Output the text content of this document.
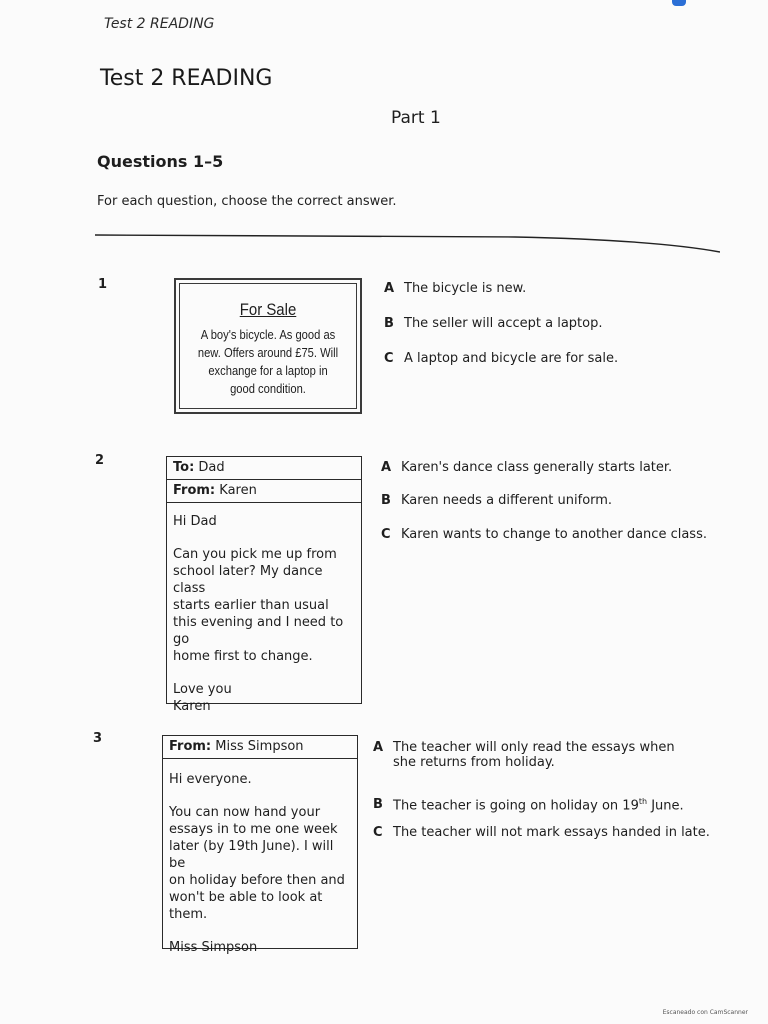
Test 2 READING
Test 2 READING
Part 1
Questions 1–5
For each question, choose the correct answer.
1
For Sale
A boy's bicycle. As good as new. Offers around £75. Will exchange for a laptop in good condition.
A The bicycle is new.
B The seller will accept a laptop.
C A laptop and bicycle are for sale.
2	To: Dad
From: Karen

Hi Dad

Can you pick me up from
school later? My dance class
starts earlier than usual
this evening and I need to go
home first to change.

Love you
Karen

A Karen's dance class generally starts later.
B Karen needs a different uniform.
C Karen wants to change to another dance class.
3
From: Miss Simpson

Hi everyone.

You can now hand your
essays in to me one week
later (by 19th June). I will be
on holiday before then and
won't be able to look at them.

Miss Simpson

A The teacher will only read the essays when she returns from holiday.
B The teacher is going on holiday on 19th June.
C The teacher will not mark essays handed in late.
Escaneado con CamScanner
